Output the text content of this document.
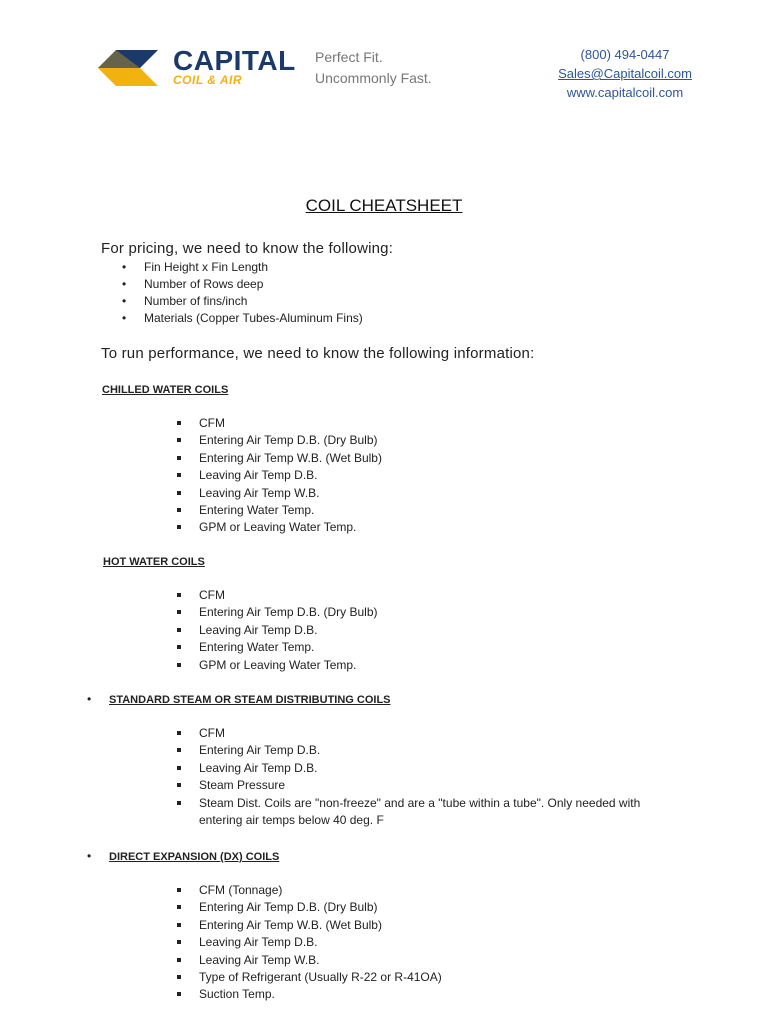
CAPITAL
COIL & AIR
Perfect Fit.
Uncommonly Fast.
(800) 494-0447
Sales@Capitalcoil.com
www.capitalcoil.com
COIL CHEATSHEET
For pricing, we need to know the following:
• Fin Height x Fin Length
• Number of Rows deep
• Number of fins/inch
• Materials (Copper Tubes-Aluminum Fins)
To run performance, we need to know the following information:
CHILLED WATER COILS
CFM
Entering Air Temp D.B. (Dry Bulb)
Entering Air Temp W.B. (Wet Bulb)
Leaving Air Temp D.B.
Leaving Air Temp W.B.
Entering Water Temp.
GPM or Leaving Water Temp.
HOT WATER COILS
CFM
Entering Air Temp D.B. (Dry Bulb)
Leaving Air Temp D.B.
Entering Water Temp.
GPM or Leaving Water Temp.
• STANDARD STEAM OR STEAM DISTRIBUTING COILS
CFM
Entering Air Temp D.B.
Leaving Air Temp D.B.
Steam Pressure
Steam Dist. Coils are "non-freeze" and are a "tube within a tube". Only needed with entering air temps below 40 deg. F
• DIRECT EXPANSION (DX) COILS
CFM (Tonnage)
Entering Air Temp D.B. (Dry Bulb)
Entering Air Temp W.B. (Wet Bulb)
Leaving Air Temp D.B.
Leaving Air Temp W.B.
Type of Refrigerant (Usually R-22 or R-41OA)
Suction Temp.
